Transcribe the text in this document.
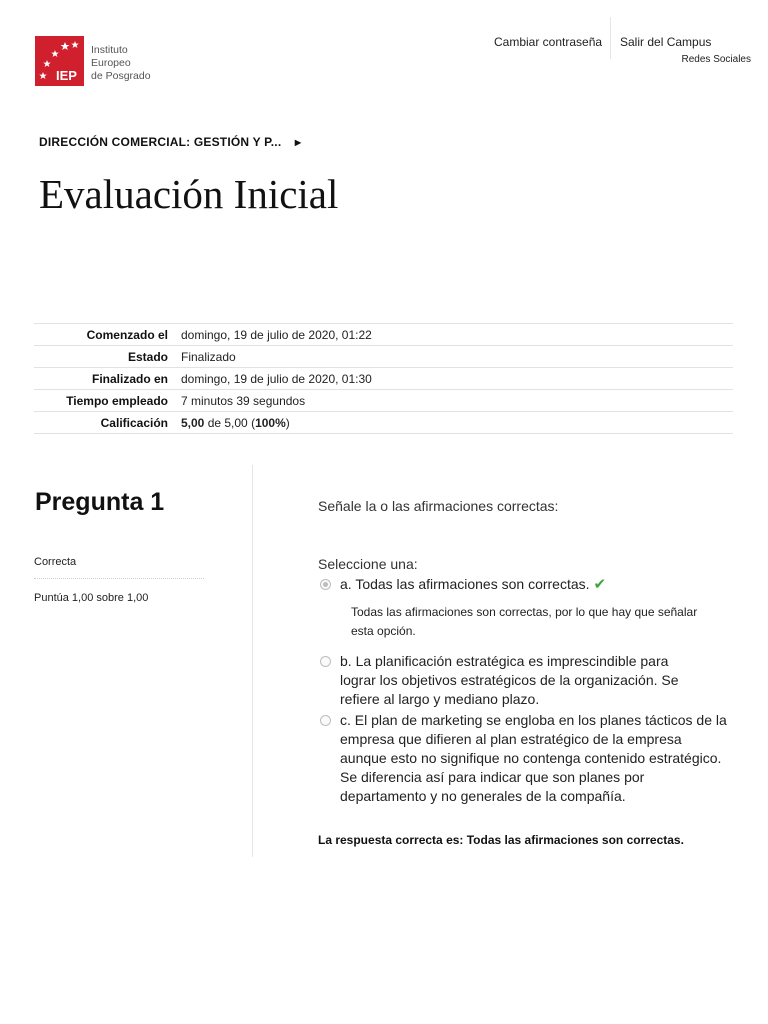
IEP
Instituto
Europeo
de Posgrado
Cambiar contraseña Salir del Campus
Redes Sociales
DIRECCIÓN COMERCIAL: GESTIÓN Y P... ▶
Evaluación Inicial
Comenzado el	domingo, 19 de julio de 2020, 01:22
Estado	Finalizado
Finalizado en	domingo, 19 de julio de 2020, 01:30
Tiempo empleado	7 minutos 39 segundos
Calificación	5,00 de 5,00 (100%)
Pregunta 1
Correcta
Puntúa 1,00 sobre 1,00
Señale la o las afirmaciones correctas:
Seleccione una:
a. Todas las afirmaciones son correctas. ✔
Todas las afirmaciones son correctas, por lo que hay que señalar esta opción.
b. La planificación estratégica es imprescindible para lograr los objetivos estratégicos de la organización. Se refiere al largo y mediano plazo.
c. El plan de marketing se engloba en los planes tácticos de la empresa que difieren al plan estratégico de la empresa aunque esto no signifique no contenga contenido estratégico. Se diferencia así para indicar que son planes por departamento y no generales de la compañía.
La respuesta correcta es: Todas las afirmaciones son correctas.
